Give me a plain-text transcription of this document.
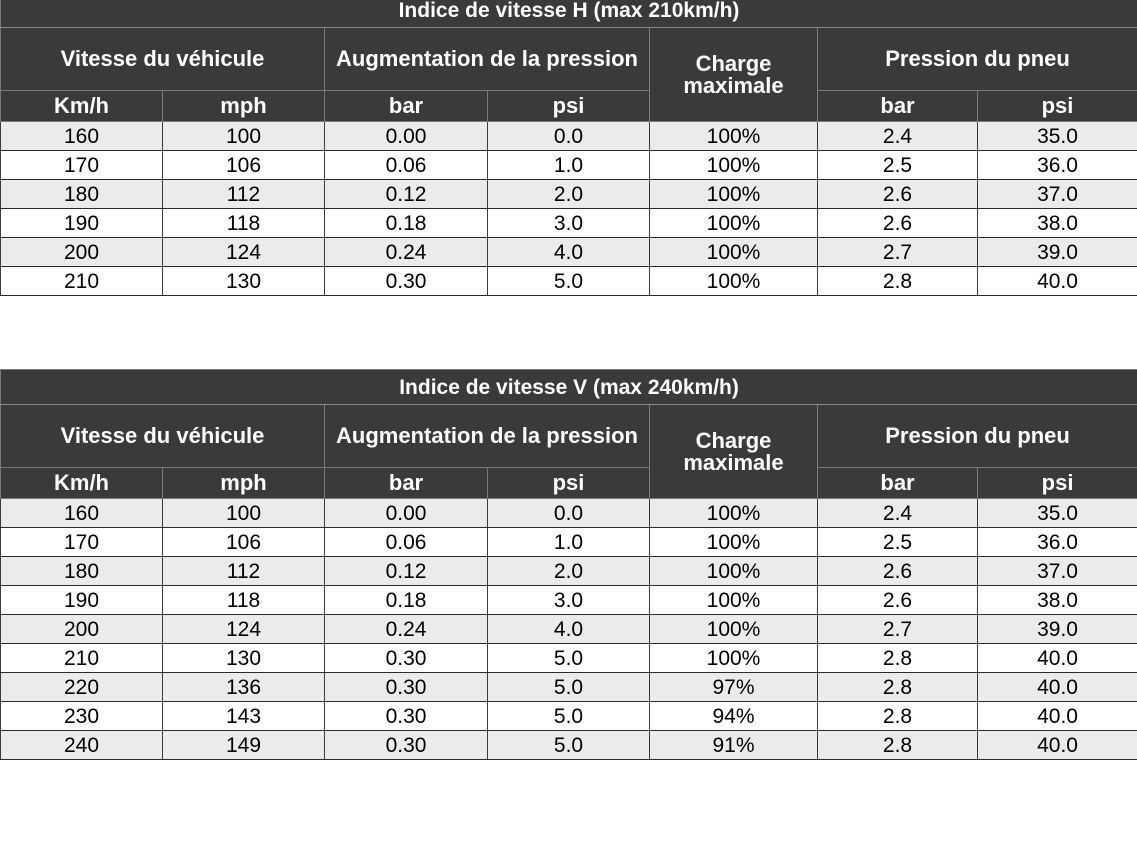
Indice de vitesse H (max 210km/h)						
Vitesse du véhicule		Augmentation de la pression		Charge maximale	Pression du pneu	
Km/h	mph	bar	psi		bar	psi
160	100	0.00	0.0	100%	2.4	35.0
170	106	0.06	1.0	100%	2.5	36.0
180	112	0.12	2.0	100%	2.6	37.0
190	118	0.18	3.0	100%	2.6	38.0
200	124	0.24	4.0	100%	2.7	39.0
210	130	0.30	5.0	100%	2.8	40.0
Indice de vitesse V (max 240km/h)						
Vitesse du véhicule		Augmentation de la pression		Charge maximale	Pression du pneu	
Km/h	mph	bar	psi		bar	psi
160	100	0.00	0.0	100%	2.4	35.0
170	106	0.06	1.0	100%	2.5	36.0
180	112	0.12	2.0	100%	2.6	37.0
190	118	0.18	3.0	100%	2.6	38.0
200	124	0.24	4.0	100%	2.7	39.0
210	130	0.30	5.0	100%	2.8	40.0
220	136	0.30	5.0	97%	2.8	40.0
230	143	0.30	5.0	94%	2.8	40.0
240	149	0.30	5.0	91%	2.8	40.0
